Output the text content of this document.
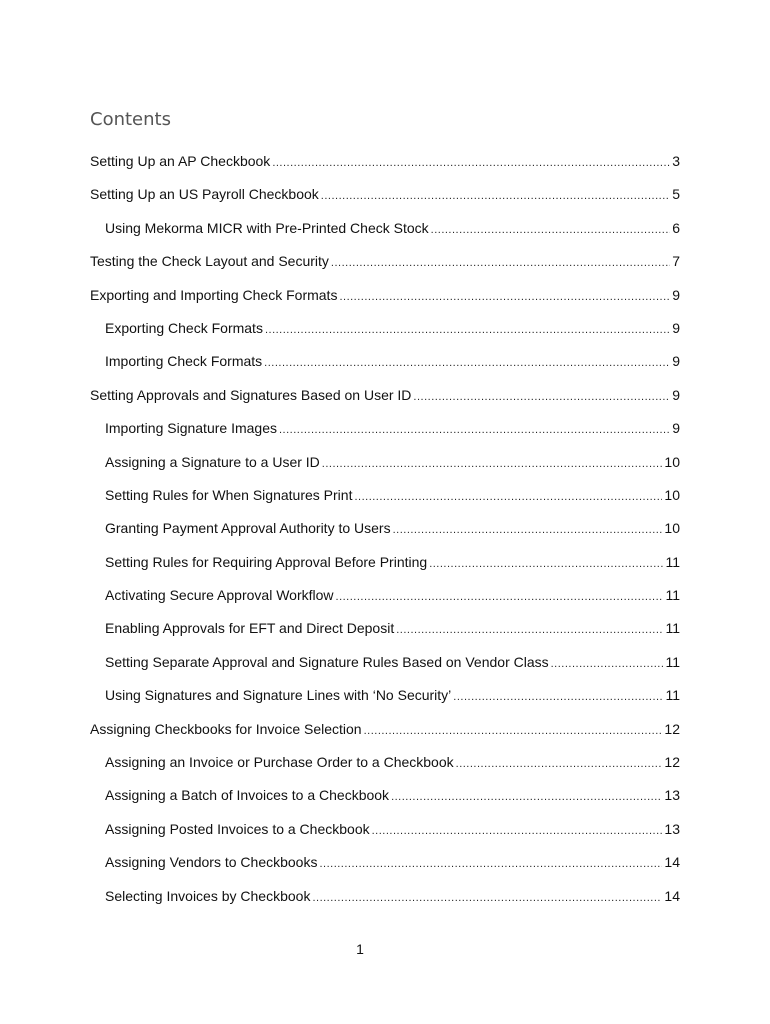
Contents
Setting Up an AP Checkbook .....	3
Setting Up an US Payroll Checkbook .....	5
Using Mekorma MICR with Pre-Printed Check Stock .....	6
Testing the Check Layout and Security .....	7
Exporting and Importing Check Formats .....	9
Exporting Check Formats .....	9
Importing Check Formats .....	9
Setting Approvals and Signatures Based on User ID .....	9
Importing Signature Images .....	9
Assigning a Signature to a User ID .....	10
Setting Rules for When Signatures Print .....	10
Granting Payment Approval Authority to Users .....	10
Setting Rules for Requiring Approval Before Printing .....	11
Activating Secure Approval Workflow .....	11
Enabling Approvals for EFT and Direct Deposit .....	11
Setting Separate Approval and Signature Rules Based on Vendor Class .....	11
Using Signatures and Signature Lines with ‘No Security’ .....	11
Assigning Checkbooks for Invoice Selection .....	12
Assigning an Invoice or Purchase Order to a Checkbook .....	12
Assigning a Batch of Invoices to a Checkbook .....	13
Assigning Posted Invoices to a Checkbook .....	13
Assigning Vendors to Checkbooks .....	14
Selecting Invoices by Checkbook .....	14
1
